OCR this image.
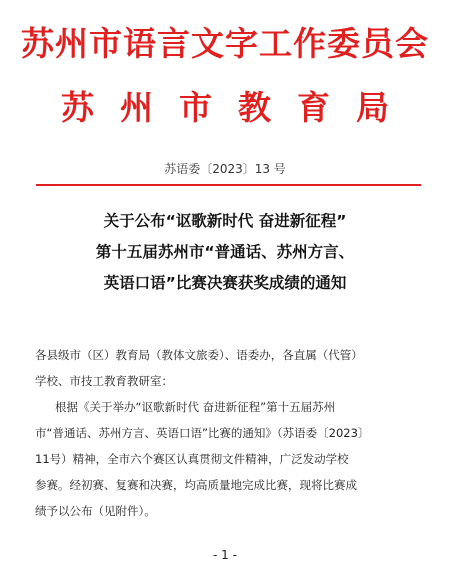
苏州市语言文字工作委员会
苏州市教育局
苏语委〔2023〕13 号
关于公布“讴歌新时代 奋进新征程”
第十五届苏州市“普通话、苏州方言、
英语口语”比赛决赛获奖成绩的通知
各县级市（区）教育局（教体文旅委）、语委办，各直属（代管）
学校、市技工教育教研室：
根据《关于举办“讴歌新时代 奋进新征程”第十五届苏州
市“普通话、苏州方言、英语口语”比赛的通知》（苏语委〔2023〕
11号）精神，全市六个赛区认真贯彻文件精神，广泛发动学校
参赛。经初赛、复赛和决赛，均高质量地完成比赛，现将比赛成
绩予以公布（见附件）。
- 1 -
